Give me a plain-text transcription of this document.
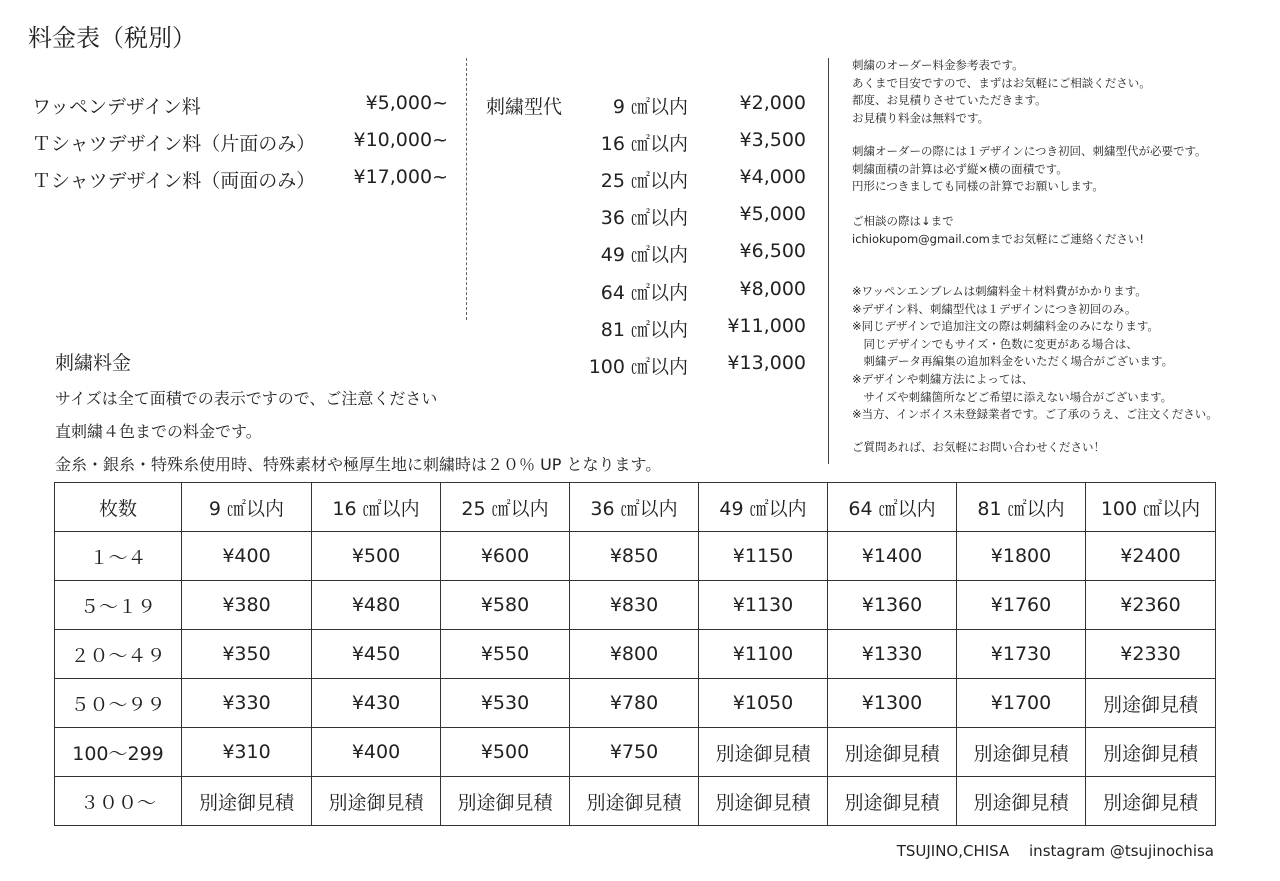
料金表（税別）
ワッペンデザイン料	¥5,000~
Ｔシャツデザイン料（片面のみ） ¥10,000~
Ｔシャツデザイン料（両面のみ） ¥17,000~
刺繍型代	9 ㎠以内	¥2,000
16 ㎠以内	¥3,500
25 ㎠以内	¥4,000
36 ㎠以内	¥5,000
49 ㎠以内	¥6,500
64 ㎠以内	¥8,000
81 ㎠以内 ¥11,000
100 ㎠以内 ¥13,000
刺繍料金
サイズは全て面積での表示ですので、ご注意ください
直刺繍４色までの料金です。
金糸・銀糸・特殊糸使用時、特殊素材や極厚生地に刺繍時は２０％ UP となります。
刺繍のオーダー料金参考表です。
あくまで目安ですので、まずはお気軽にご相談ください。
都度、お見積りさせていただきます。
お見積り料金は無料です。
刺繍オーダーの際には１デザインにつき初回、刺繍型代が必要です。
刺繍面積の計算は必ず縦×横の面積です。
円形につきましても同様の計算でお願いします。
ご相談の際は↓まで
ichiokupom@gmail.comまでお気軽にご連絡ください!
※ワッペンエンブレムは刺繍料金＋材料費がかかります。
※デザイン料、刺繍型代は１デザインにつき初回のみ。
※同じデザインで追加注文の際は刺繍料金のみになります。
　同じデザインでもサイズ・色数に変更がある場合は、
　刺繍データ再編集の追加料金をいただく場合がございます。
※デザインや刺繍方法によっては、
　サイズや刺繍箇所などご希望に添えない場合がございます。
※当方、インボイス未登録業者です。ご了承のうえ、ご注文ください。
ご質問あれば、お気軽にお問い合わせください！
枚数	9 ㎠以内	16 ㎠以内	25 ㎠以内	36 ㎠以内	49 ㎠以内	64 ㎠以内	81 ㎠以内	100 ㎠以内
１～４	¥400	¥500	¥600	¥850	¥1150	¥1400	¥1800	¥2400
５～１９	¥380	¥480	¥580	¥830	¥1130	¥1360	¥1760	¥2360
２０～４９	¥350	¥450	¥550	¥800	¥1100	¥1330	¥1730	¥2330
５０～９９	¥330	¥430	¥530	¥780	¥1050	¥1300	¥1700	別途御見積
100～299	¥310	¥400	¥500	¥750	別途御見積	別途御見積	別途御見積	別途御見積
３００～	別途御見積	別途御見積	別途御見積	別途御見積	別途御見積	別途御見積	別途御見積	別途御見積
TSUJINO,CHISA　 instagram @tsujinochisa
